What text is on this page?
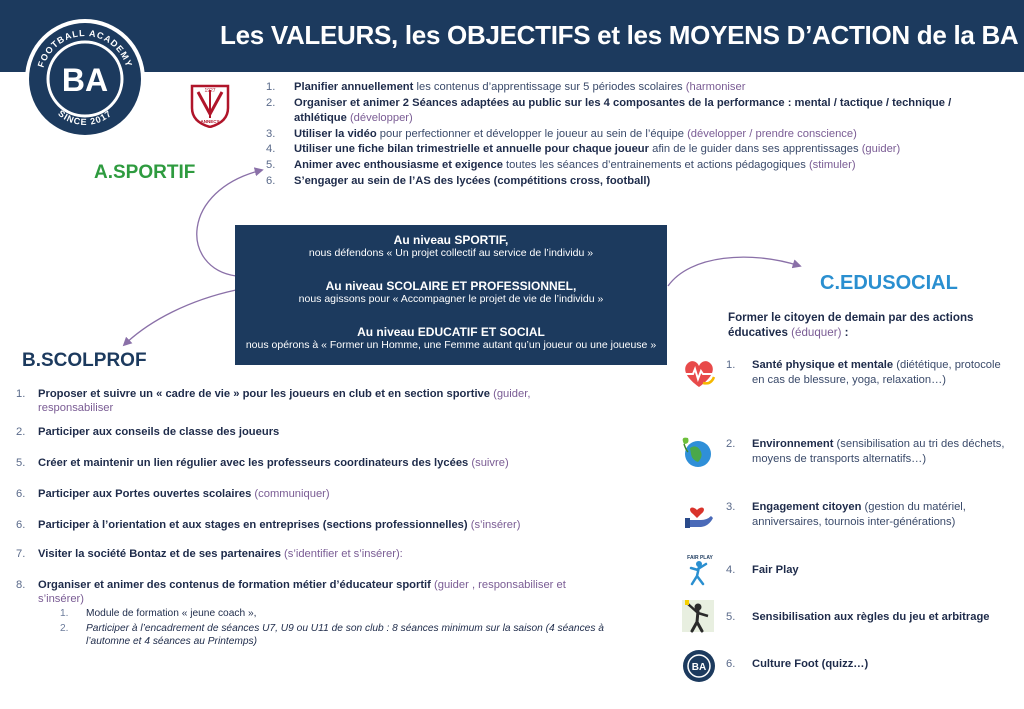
Les VALEURS, les OBJECTIFS et les MOYENS D’ACTION de la BA
FOOTBALL ACADEMY
SINCE 2017
BA	1927
ANNECY
A.SPORTIF
1.	Planifier annuellement les contenus d’apprentissage sur 5 périodes scolaires (harmoniser
2.	Organiser et animer 2 Séances adaptées au public sur les 4 composantes de la performance : mental / tactique / technique / athlétique (développer)
3.	Utiliser la vidéo pour perfectionner et développer le joueur au sein de l’équipe (développer / prendre conscience)
4.	Utiliser une fiche bilan trimestrielle et annuelle pour chaque joueur afin de le guider dans ses apprentissages (guider)
5.	Animer avec enthousiasme et exigence toutes les séances d’entrainements et actions pédagogiques (stimuler)
6.	S’engager au sein de l’AS des lycées (compétitions cross, football)
Au niveau SPORTIF,
nous défendons « Un projet collectif au service de l’individu »
Au niveau SCOLAIRE ET PROFESSIONNEL,
nous agissons pour « Accompagner le projet de vie de l’individu »
Au niveau EDUCATIF ET SOCIAL
nous opérons à « Former un Homme, une Femme autant qu’un joueur ou une joueuse »
B.SCOLPROF
1.	Proposer et suivre un « cadre de vie » pour les joueurs en club et en section sportive (guider, responsabiliser
2.	Participer aux conseils de classe des joueurs
5.	Créer et maintenir un lien régulier avec les professeurs coordinateurs des lycées (suivre)
6.	Participer aux Portes ouvertes scolaires (communiquer)
6.	Participer à l’orientation et aux stages en entreprises (sections professionnelles) (s’insérer)
7.	Visiter la société Bontaz et de ses partenaires (s’identifier et s’insérer):
8.	Organiser et animer des contenus de formation métier d’éducateur sportif (guider , responsabiliser et s’insérer)
1.	Module de formation « jeune coach »,
2.	Participer à l’encadrement de séances U7, U9 ou U11 de son club : 8 séances minimum sur la saison (4 séances à l’automne et 4 séances au Printemps)
C.EDUSOCIAL
Former le citoyen de demain par des actions éducatives (éduquer) :
1.	Santé physique et mentale (diététique, protocole en cas de blessure, yoga, relaxation…)
2.	Environnement (sensibilisation au tri des déchets, moyens de transports alternatifs…)
3.	Engagement citoyen (gestion du matériel, anniversaires, tournois inter-générations)
4.	Fair Play
5.	Sensibilisation aux règles du jeu et arbitrage
6.	Culture Foot (quizz…)
FAIR PLAY
BA
